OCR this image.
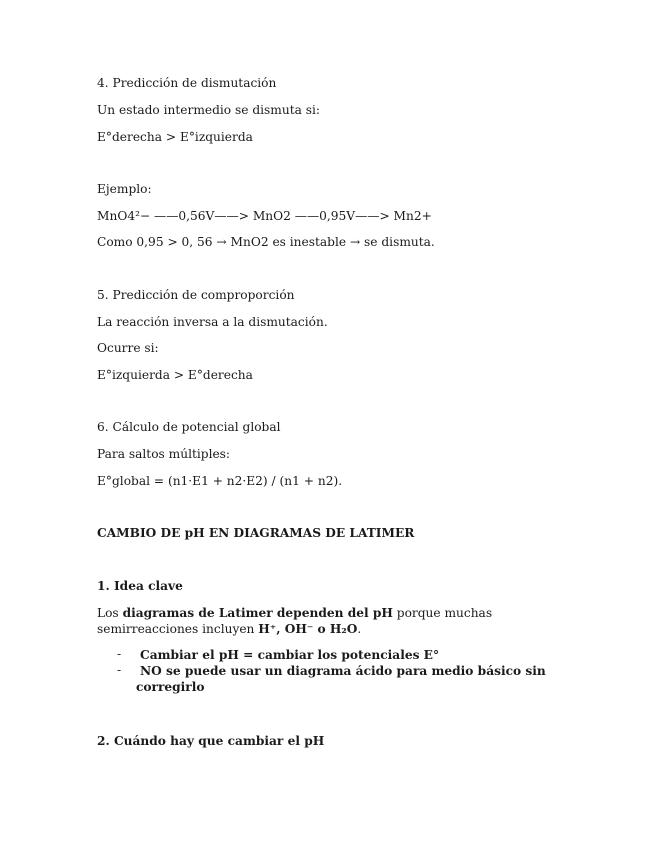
4. Predicción de dismutación
Un estado intermedio se dismuta si:
E°derecha > E°izquierda
Ejemplo:
MnO4²− ——0,56V——> MnO2 ——0,95V——> Mn2+
Como 0,95 > 0, 56 → MnO2 es inestable → se dismuta.
5. Predicción de comproporción
La reacción inversa a la dismutación.
Ocurre si:
E°izquierda > E°derecha
6. Cálculo de potencial global
Para saltos múltiples:
E°global = (n1·E1 + n2·E2) / (n1 + n2).
CAMBIO DE pH EN DIAGRAMAS DE LATIMER
1. Idea clave
Los diagramas de Latimer dependen del pH porque muchas
semirreacciones incluyen H⁺, OH⁻ o H₂O.
- Cambiar el pH = cambiar los potenciales E°
- NO se puede usar un diagrama ácido para medio básico sin
corregirlo
2. Cuándo hay que cambiar el pH
